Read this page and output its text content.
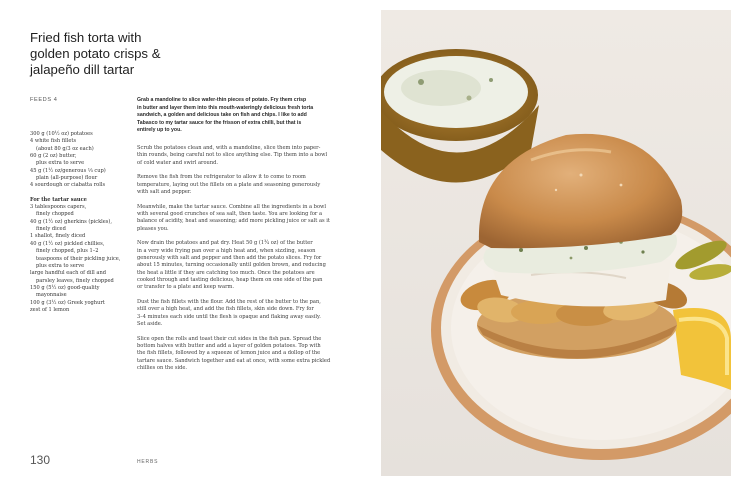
Fried fish torta with
golden potato crisps &
jalapeño dill tartar
FEEDS 4
300 g (10½ oz) potatoes
4 white fish fillets
(about 80 g/3 oz each)
60 g (2 oz) butter,
plus extra to serve
45 g (1½ oz/generous ⅓ cup)
plain (all-purpose) flour
4 sourdough or ciabatta rolls
For the tartar sauce
3 tablespoons capers,
finely chopped
40 g (1½ oz) gherkins (pickles),
finely diced
1 shallot, finely diced
40 g (1½ oz) pickled chillies,
finely chopped, plus 1–2
teaspoons of their pickling juice,
plus extra to serve
large handful each of dill and
parsley leaves, finely chopped
150 g (5½ oz) good-quality
mayonnaise
100 g (3½ oz) Greek yoghurt
zest of 1 lemon
Grab a mandoline to slice wafer-thin pieces of potato. Fry them crisp
in butter and layer them into this mouth-wateringly delicious fresh torta
sandwich, a golden and delicious take on fish and chips. I like to add
Tabasco to my tartar sauce for the frisson of extra chilli, but that is
entirely up to you.
Scrub the potatoes clean and, with a mandoline, slice them into paper-
thin rounds, being careful not to slice anything else. Tip them into a bowl
of cold water and swirl around.
Remove the fish from the refrigerator to allow it to come to room
temperature, laying out the fillets on a plate and seasoning generously
with salt and pepper.
Meanwhile, make the tartar sauce. Combine all the ingredients in a bowl
with several good crunches of sea salt, then taste. You are looking for a
balance of acidity, heat and seasoning; add more pickling juice or salt as it
pleases you.
Now drain the potatoes and pat dry. Heat 50 g (1¾ oz) of the butter
in a very wide frying pan over a high heat and, when sizzling, season
generously with salt and pepper and then add the potato slices. Fry for
about 15 minutes, turning occasionally until golden brown, and reducing
the heat a little if they are catching too much. Once the potatoes are
cooked through and tasting delicious, heap them on one side of the pan
or transfer to a plate and keep warm.
Dust the fish fillets with the flour. Add the rest of the butter to the pan,
still over a high heat, and add the fish fillets, skin side down. Fry for
3–4 minutes each side until the flesh is opaque and flaking away easily.
Set aside.
Slice open the rolls and toast their cut sides in the fish pan. Spread the
bottom halves with butter and add a layer of golden potatoes. Top with
the fish fillets, followed by a squeeze of lemon juice and a dollop of the
tartare sauce. Sandwich together and eat at once, with some extra pickled
chillies on the side.
130	HERBS
